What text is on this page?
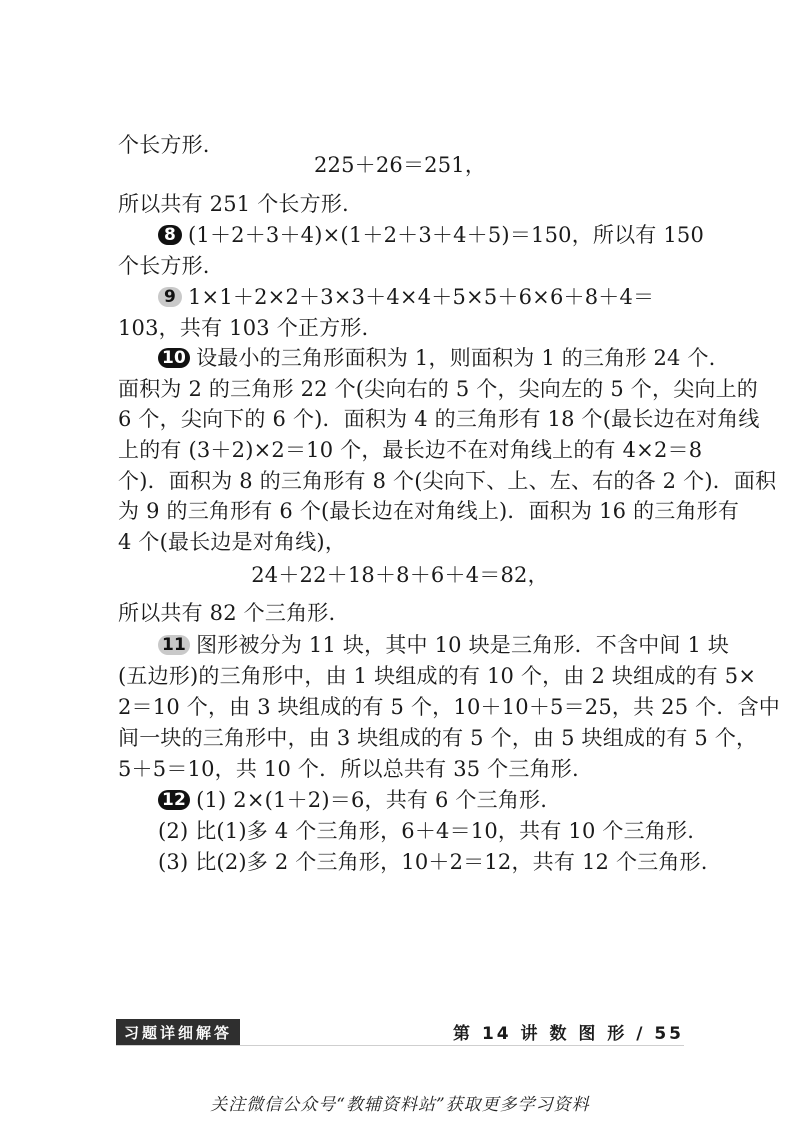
个长方形.
225＋26＝251，
所以共有 251 个长方形.
8 (1＋2＋3＋4)×(1＋2＋3＋4＋5)＝150，所以有 150
个长方形.
9 1×1＋2×2＋3×3＋4×4＋5×5＋6×6＋8＋4＝
103，共有 103 个正方形.
10 设最小的三角形面积为 1，则面积为 1 的三角形 24 个.
面积为 2 的三角形 22 个(尖向右的 5 个，尖向左的 5 个，尖向上的
6 个，尖向下的 6 个)．面积为 4 的三角形有 18 个(最长边在对角线
上的有 (3＋2)×2＝10 个，最长边不在对角线上的有 4×2＝8
个)．面积为 8 的三角形有 8 个(尖向下、上、左、右的各 2 个)．面积
为 9 的三角形有 6 个(最长边在对角线上)．面积为 16 的三角形有
4 个(最长边是对角线)，
24＋22＋18＋8＋6＋4＝82，
所以共有 82 个三角形.
11 图形被分为 11 块，其中 10 块是三角形．不含中间 1 块
(五边形)的三角形中，由 1 块组成的有 10 个，由 2 块组成的有 5×
2＝10 个，由 3 块组成的有 5 个，10＋10＋5＝25，共 25 个．含中
间一块的三角形中，由 3 块组成的有 5 个，由 5 块组成的有 5 个，
5＋5＝10，共 10 个．所以总共有 35 个三角形.
12 (1) 2×(1＋2)＝6，共有 6 个三角形.
(2) 比(1)多 4 个三角形，6＋4＝10，共有 10 个三角形.
(3) 比(2)多 2 个三角形，10＋2＝12，共有 12 个三角形.
习题详细解答	第 14 讲 数 图 形 / 55
关注微信公众号“教辅资料站”获取更多学习资料
